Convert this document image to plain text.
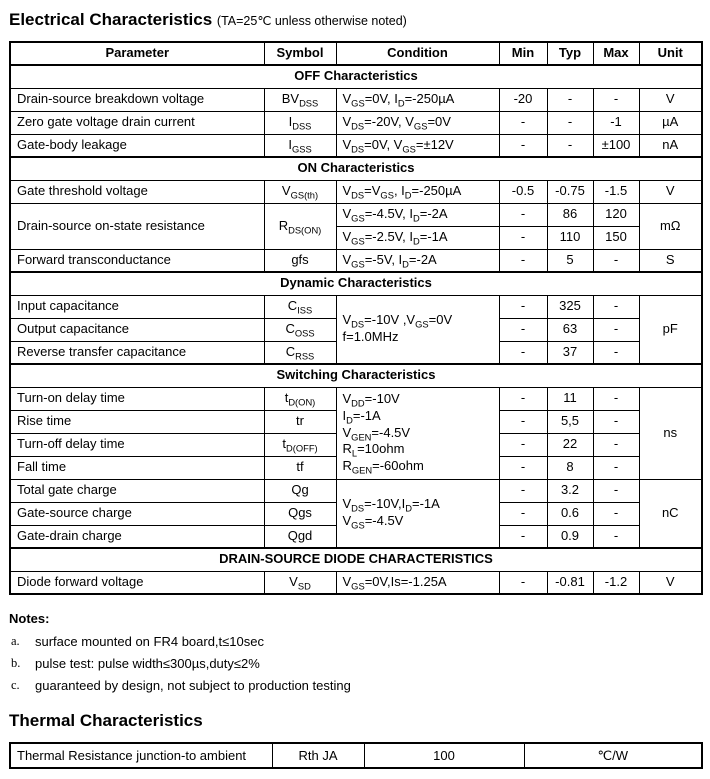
Electrical Characteristics (TA=25℃ unless otherwise noted)
Parameter	Symbol	Condition	Min	Typ	Max	Unit
OFF Characteristics						
Drain-source breakdown voltage	$BV_{DSS}$	$V_{GS}=0V$, $I_D=-250\mu A$	-20	-	-	V
Zero gate voltage drain current	$I_{DSS}$	$V_{DS}=-20V$, $V_{GS}=0V$	-	-	-1	µA
Gate-body leakage	$I_{GSS}$	$V_{DS}=0V$, $V_{GS}=\pm 12V$	-	-	±100	nA
ON Characteristics						
Gate threshold voltage	$V_{GS(th)}$	$V_{DS}=V_{GS}$, $I_D=-250\mu A$	-0.5	-0.75	-1.5	V
Drain-source on-state resistance	$R_{DS(ON)}$	$V_{GS}=-4.5V$, $I_D=-2A$	-	86	120	mΩ
		$V_{GS}=-2.5V$, $I_D=-1A$	-	110	150	
Forward transconductance	gfs	$V_{GS}=-5V$, $I_D=-2A$	-	5	-	S
Dynamic Characteristics						
Input capacitance	$C_{ISS}$	$V_{DS}=-10V$ $,V_{GS}=0V$
f=1.0MHz	-	325	-	pF
Output capacitance	$C_{OSS}$		-	63	-	
Reverse transfer capacitance	$C_{RSS}$		-	37	-	
Switching Characteristics						
Turn-on delay time	$t_{D(ON)}$	$V_{DD}=-10V$
$I_D=-1A$
$V_{GEN}=-4.5V$
$R_L=10ohm$
$R_{GEN}=-60ohm$	-	11	-	ns
Rise time	tr		-	5,5	-	
Turn-off delay time	$t_{D(OFF)}$		-	22	-	
Fall time	tf		-	8	-	
Total gate charge	Qg	$V_{DS}=-10V,I_D=-1A$
$V_{GS}=-4.5V$	-	3.2	-	nC
Gate-source charge	Qgs		-	0.6	-	
Gate-drain charge	Qgd		-	0.9	-	
DRAIN-SOURCE DIODE CHARACTERISTICS						
Diode forward voltage	$V_{SD}$	$V_{GS}=0V,Is=-1.25A$	-	-0.81	-1.2	V
Notes:
a.	surface mounted on FR4 board,t≤10sec
b.	pulse test: pulse width≤300µs,duty≤2%
c.	guaranteed by design, not subject to production testing
Thermal Characteristics
Thermal Resistance junction-to ambient	Rth JA	100	℃/W
